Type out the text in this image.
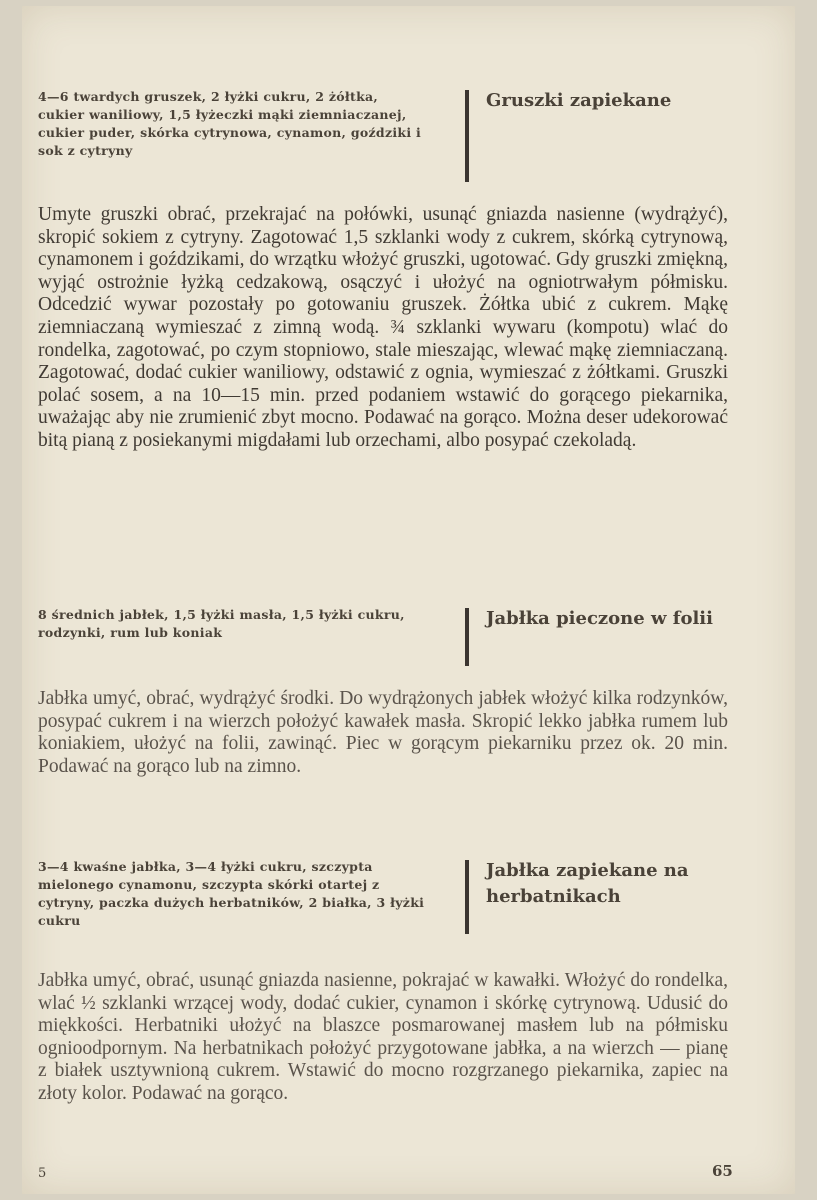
4—6 twardych gruszek, 2 łyżki cukru, 2 żółtka, cukier waniliowy, 1,5 łyżeczki mąki ziemniaczanej, cukier puder, skórka cytrynowa, cynamon, goździki i sok z cytryny
Gruszki zapiekane
Umyte gruszki obrać, przekrajać na połówki, usunąć gniazda nasienne (wydrążyć), skropić sokiem z cytryny. Zagotować 1,5 szklanki wody z cukrem, skórką cytrynową, cynamonem i goździkami, do wrzątku włożyć gruszki, ugotować. Gdy gruszki zmiękną, wyjąć ostrożnie łyżką cedzakową, osączyć i ułożyć na ogniotrwałym półmisku. Odcedzić wywar pozostały po gotowaniu gruszek. Żółtka ubić z cukrem. Mąkę ziemniaczaną wymieszać z zimną wodą. ¾ szklanki wywaru (kompotu) wlać do rondelka, zagotować, po czym stopniowo, stale mieszając, wlewać mąkę ziemniaczaną. Zagotować, dodać cukier waniliowy, odstawić z ognia, wymieszać z żółtkami. Gruszki polać sosem, a na 10—15 min. przed podaniem wstawić do gorącego piekarnika, uważając aby nie zrumienić zbyt mocno. Podawać na gorąco. Można deser udekorować bitą pianą z posiekanymi migdałami lub orzechami, albo posypać czekoladą.
8 średnich jabłek, 1,5 łyżki masła, 1,5 łyżki cukru, rodzynki, rum lub koniak
Jabłka pieczone w folii
Jabłka umyć, obrać, wydrążyć środki. Do wydrążonych jabłek włożyć kilka rodzynków, posypać cukrem i na wierzch położyć kawałek masła. Skropić lekko jabłka rumem lub koniakiem, ułożyć na folii, zawinąć. Piec w gorącym piekarniku przez ok. 20 min. Podawać na gorąco lub na zimno.
3—4 kwaśne jabłka, 3—4 łyżki cukru, szczypta mielonego cynamonu, szczypta skórki otartej z cytryny, paczka dużych herbatników, 2 białka, 3 łyżki cukru
Jabłka zapiekane na herbatnikach
Jabłka umyć, obrać, usunąć gniazda nasienne, pokrajać w kawałki. Włożyć do rondelka, wlać ½ szklanki wrzącej wody, dodać cukier, cynamon i skórkę cytrynową. Udusić do miękkości. Herbatniki ułożyć na blaszce posmarowanej masłem lub na półmisku ognioodpornym. Na herbatnikach położyć przygotowane jabłka, a na wierzch — pianę z białek usztywnioną cukrem. Wstawić do mocno rozgrzanego piekarnika, zapiec na złoty kolor. Podawać na gorąco.
5	65
